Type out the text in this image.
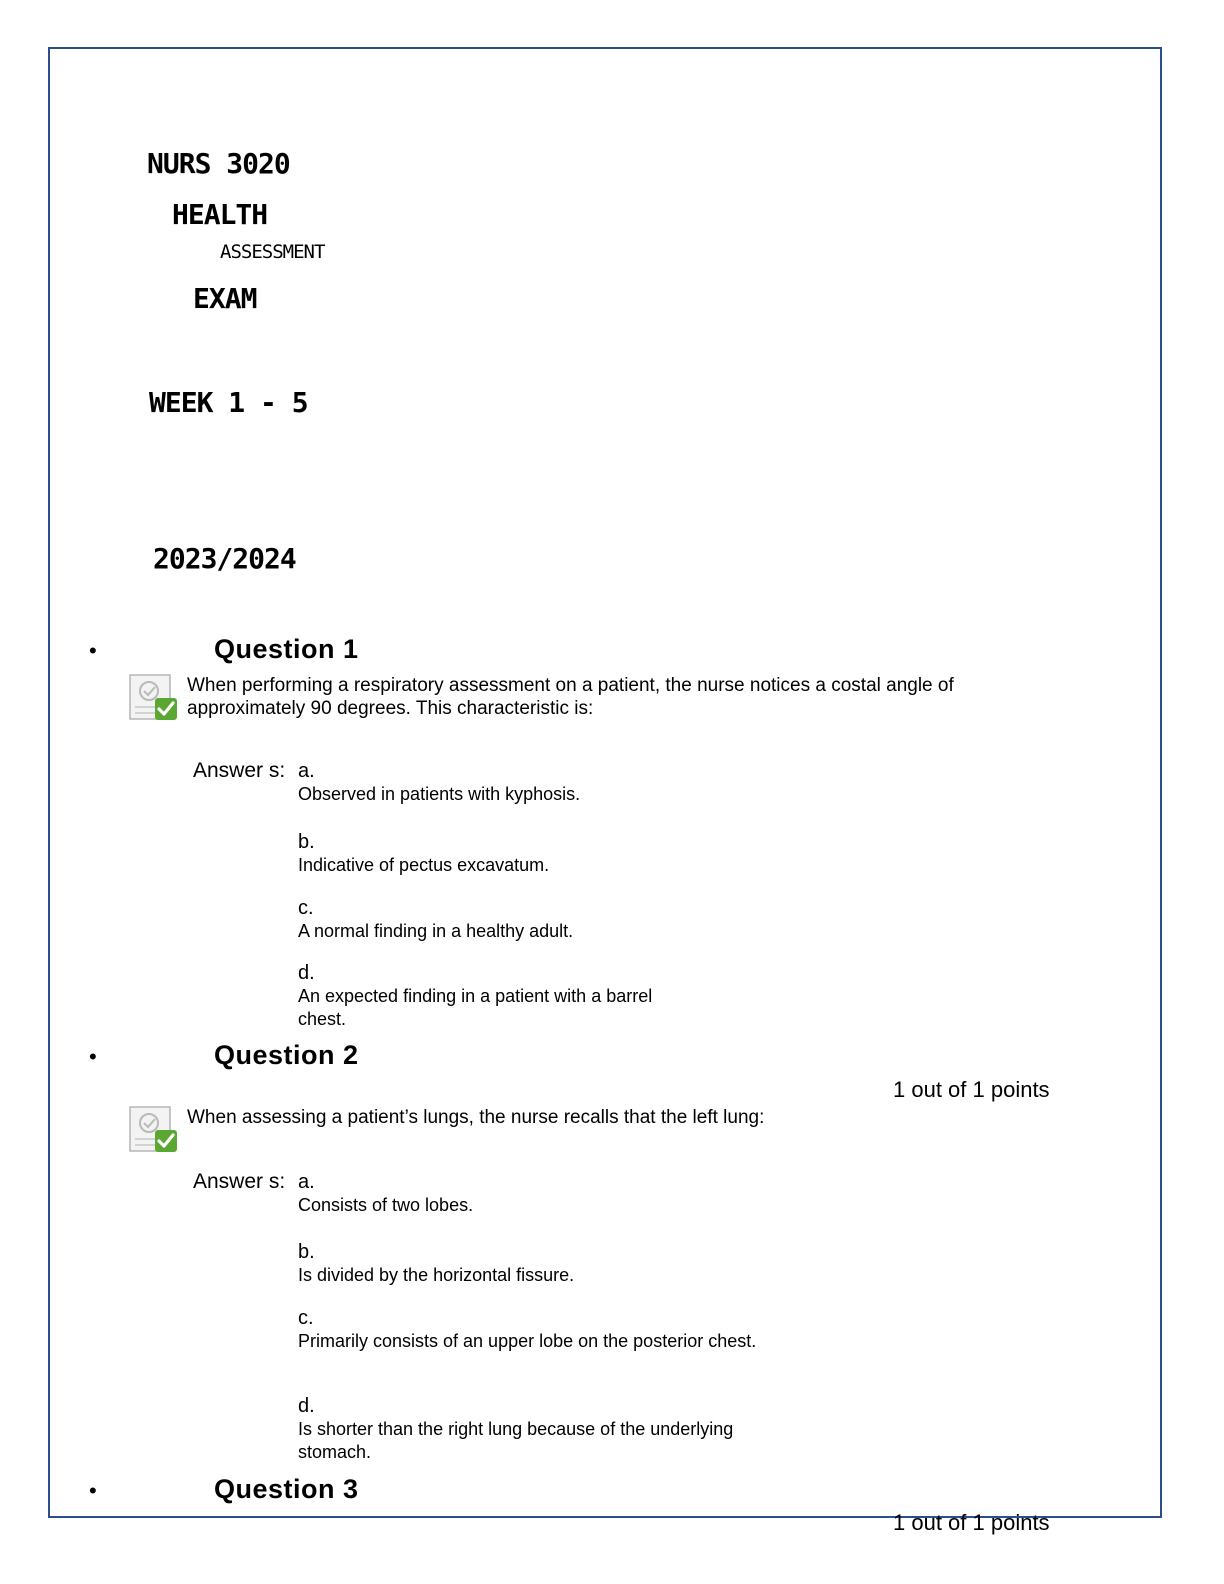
NURS 3020
HEALTH
ASSESSMENT
EXAM
WEEK 1 - 5
2023/2024
•	Question 1
When performing a respiratory assessment on a patient, the nurse notices a costal angle of approximately 90 degrees. This characteristic is:
Answer s: a.
Observed in patients with kyphosis.
b.
Indicative of pectus excavatum.
c.
A normal finding in a healthy adult.
d.
An expected finding in a patient with a barrel chest.
•	Question 2
1 out of 1 points
When assessing a patient’s lungs, the nurse recalls that the left lung:
Answer s: a.
Consists of two lobes.
b.
Is divided by the horizontal fissure.
c.
Primarily consists of an upper lobe on the posterior chest.
d.
Is shorter than the right lung because of the underlying stomach.
•	Question 3
1 out of 1 points
